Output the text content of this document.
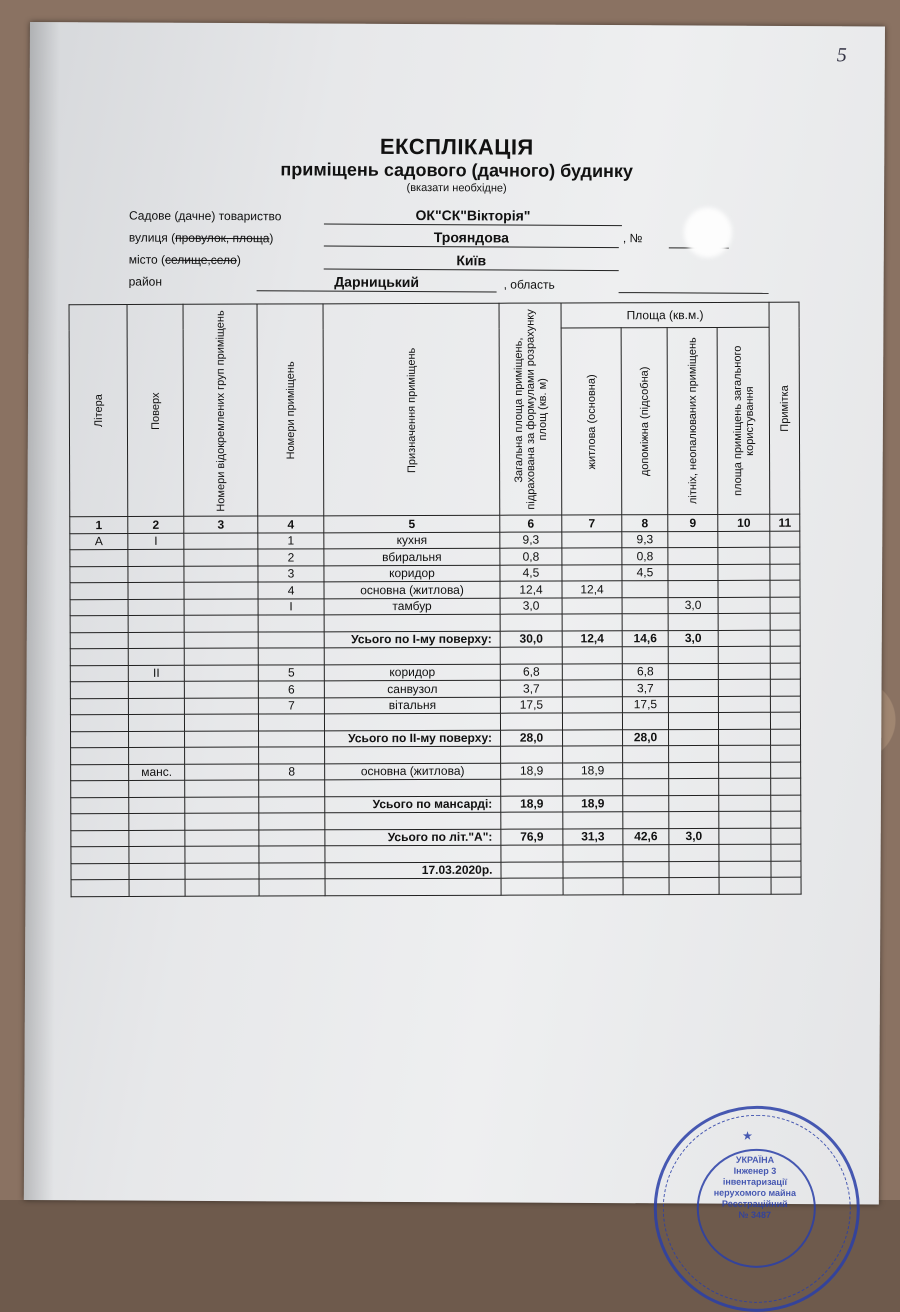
5
ЕКСПЛІКАЦІЯ
приміщень садового (дачного) будинку
(вказати необхідне)
Садове (дачне) товариство	ОК"СК"Вікторія"
вулиця (провулок, площа)	Трояндова	, №
місто (селище,село)	Київ
район	Дарницький	, область
Літера	Поверх	Номери відокремлених груп приміщень	Номери приміщень	Призначення приміщень	Загальна площа приміщень, підрахована за формулами розрахунку площ (кв. м)	Площа (кв.м.)				Примітка

житлова (основна)	допоміжна (підсобна)	літніх, неопалюваних приміщень	площа приміщень загального користування	

1	2	3	4	5	6	7	8	9	10	11
А	І		1	кухня	9,3		9,3			
			2	вбиральня	0,8		0,8			
			3	коридор	4,5		4,5			
			4	основна (житлова)	12,4	12,4				
			І	тамбур	3,0			3,0		

				Усього по І-му поверху:	30,0	12,4	14,6	3,0		

	ІІ		5	коридор	6,8		6,8			
			6	санвузол	3,7		3,7			
			7	вітальня	17,5		17,5			

				Усього по ІІ-му поверху:	28,0		28,0			

	манс.		8	основна (житлова)	18,9	18,9				

				Усього по мансарді:	18,9	18,9				

				Усього по літ."А":	76,9	31,3	42,6	3,0		

				17.03.2020р.						

★
УКРАЇНА
Інженер 3
інвентаризації
нерухомого майна
Реєстраційний
№ 3487
